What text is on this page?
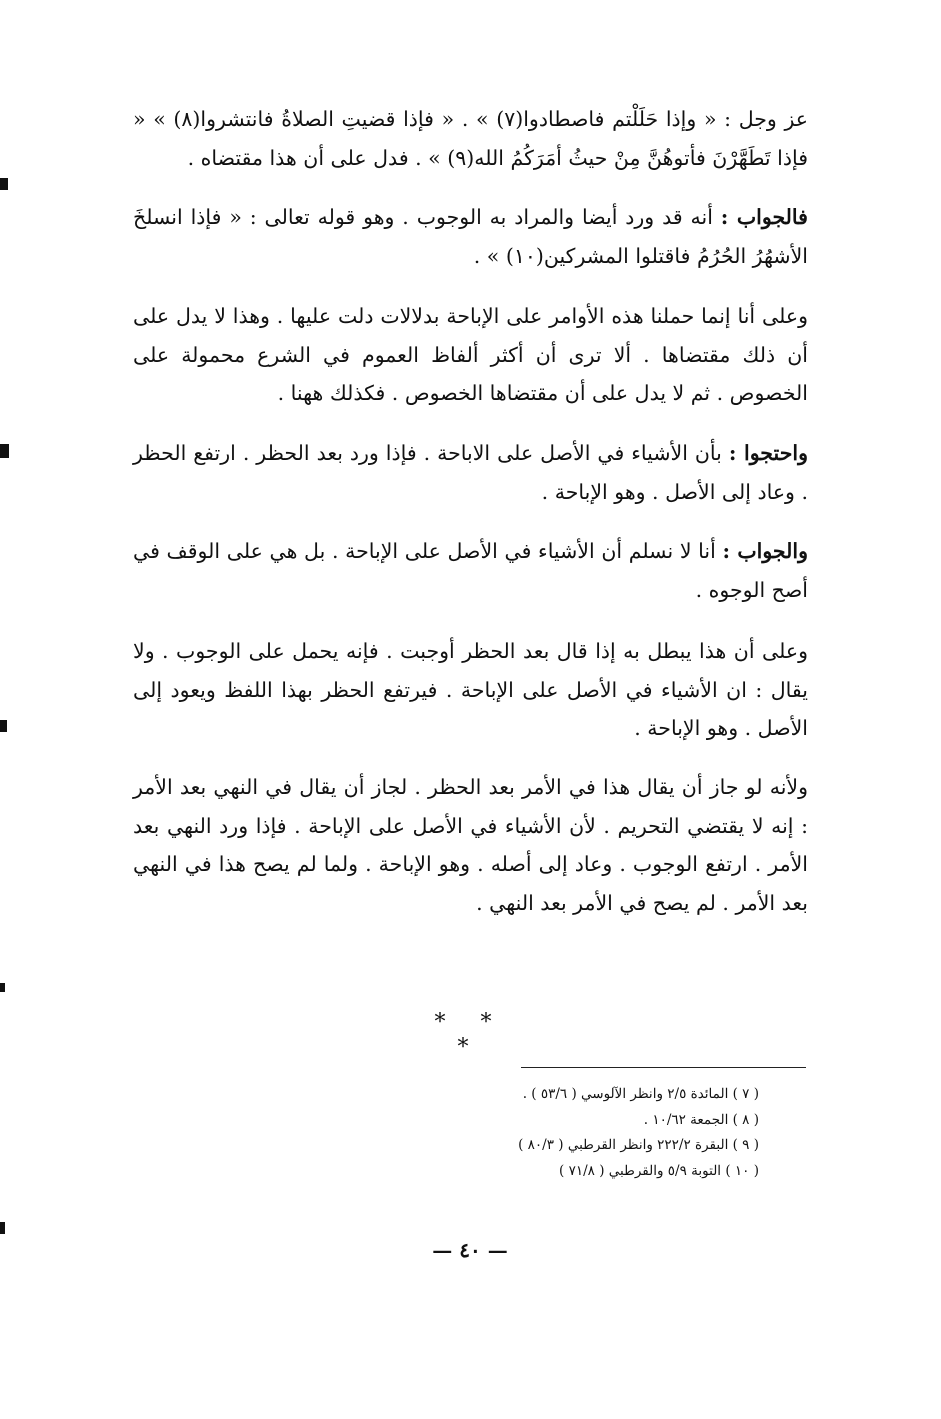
عز وجل : « وإذا حَلَلْتم فاصطادوا(٧) » . « فإذا قضيتِ الصلاةُ فانتشروا(٨) » « فإذا تَطَهَّرْنَ فأتوهُنَّ مِنْ حيثُ أمَرَكُمُ الله(٩) » . فدل على أن هذا مقتضاه .

فالجواب : أنه قد ورد أيضا والمراد به الوجوب . وهو قوله تعالى : « فإذا انسلخَ الأشهُرُ الحُرُمُ فاقتلوا المشركين(١٠) » .

وعلى أنا إنما حملنا هذه الأوامر على الإباحة بدلالات دلت عليها . وهذا لا يدل على أن ذلك مقتضاها . ألا ترى أن أكثر ألفاظ العموم في الشرع محمولة على الخصوص . ثم لا يدل على أن مقتضاها الخصوص . فكذلك ههنا .

واحتجوا : بأن الأشياء في الأصل على الاباحة . فإذا ورد بعد الحظر . ارتفع الحظر . وعاد إلى الأصل . وهو الإباحة .

والجواب : أنا لا نسلم أن الأشياء في الأصل على الإباحة . بل هي على الوقف في أصح الوجوه .

وعلى أن هذا يبطل به إذا قال بعد الحظر أوجبت . فإنه يحمل على الوجوب . ولا يقال : ان الأشياء في الأصل على الإباحة . فيرتفع الحظر بهذا اللفظ ويعود إلى الأصل . وهو الإباحة .

ولأنه لو جاز أن يقال هذا في الأمر بعد الحظر . لجاز أن يقال في النهي بعد الأمر : إنه لا يقتضي التحريم . لأن الأشياء في الأصل على الإباحة . فإذا ورد النهي بعد الأمر . ارتفع الوجوب . وعاد إلى أصله . وهو الإباحة . ولما لم يصح هذا في النهي بعد الأمر . لم يصح في الأمر بعد النهي .

* * *
( ٧ ) المائدة ٢/٥ وانظر الآلوسي ( ٥٣/٦ ) .
( ٨ ) الجمعة ١٠/٦٢ .
( ٩ ) البقرة ٢٢٢/٢ وانظر القرطبي ( ٨٠/٣ )
( ١٠ ) التوبة ٥/٩ والقرطبي ( ٧١/٨ )
— ٤٠ —
